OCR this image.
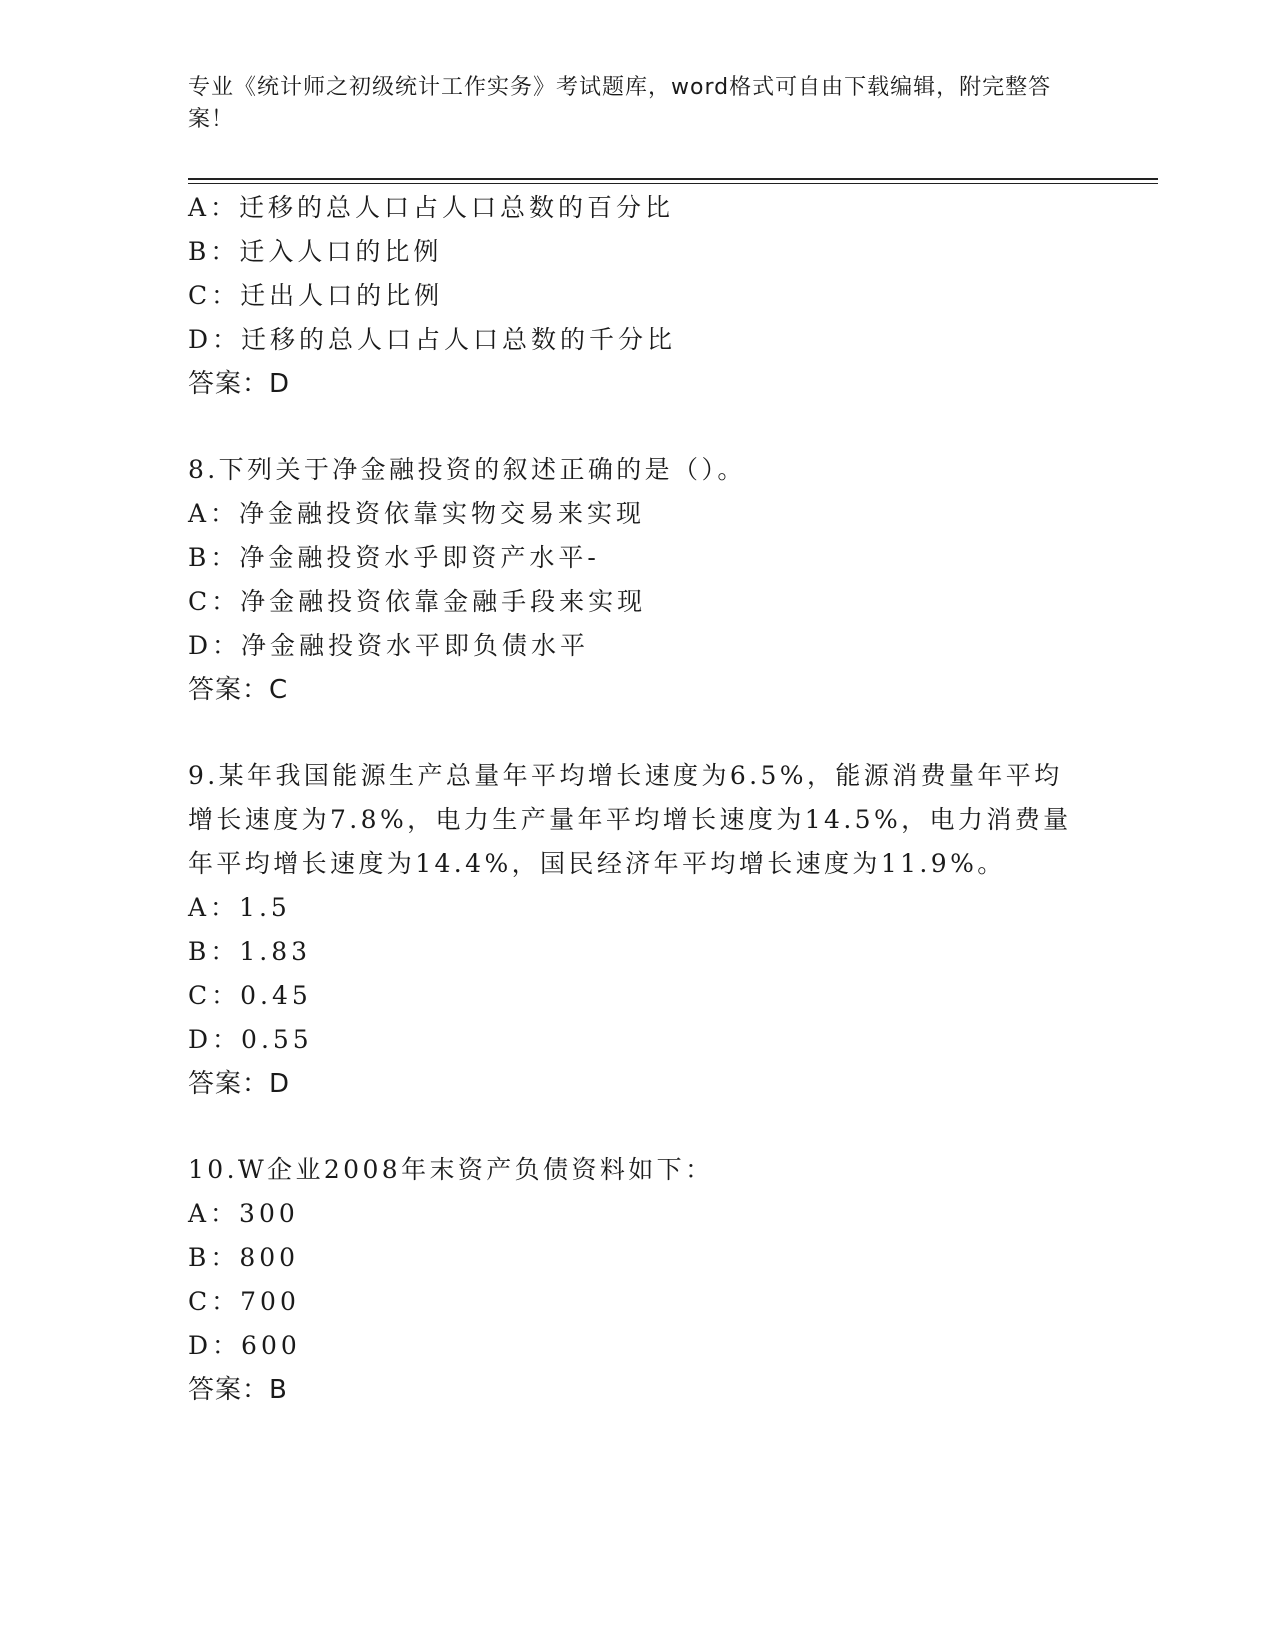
专业《统计师之初级统计工作实务》考试题库，word格式可自由下载编辑，附完整答案！
A：迁移的总人口占人口总数的百分比
B：迁入人口的比例
C：迁出人口的比例
D：迁移的总人口占人口总数的千分比
答案：D
8.下列关于净金融投资的叙述正确的是（）。
A：净金融投资依靠实物交易来实现
B：净金融投资水乎即资产水平-
C：净金融投资依靠金融手段来实现
D：净金融投资水平即负债水平
答案：C
9.某年我国能源生产总量年平均增长速度为6.5%，能源消费量年平均
增长速度为7.8%，电力生产量年平均增长速度为14.5%，电力消费量
年平均增长速度为14.4%，国民经济年平均增长速度为11.9%。
A：1.5
B：1.83
C：0.45
D：0.55
答案：D
10.W企业2008年末资产负债资料如下：
A：300
B：800
C：700
D：600
答案：B
